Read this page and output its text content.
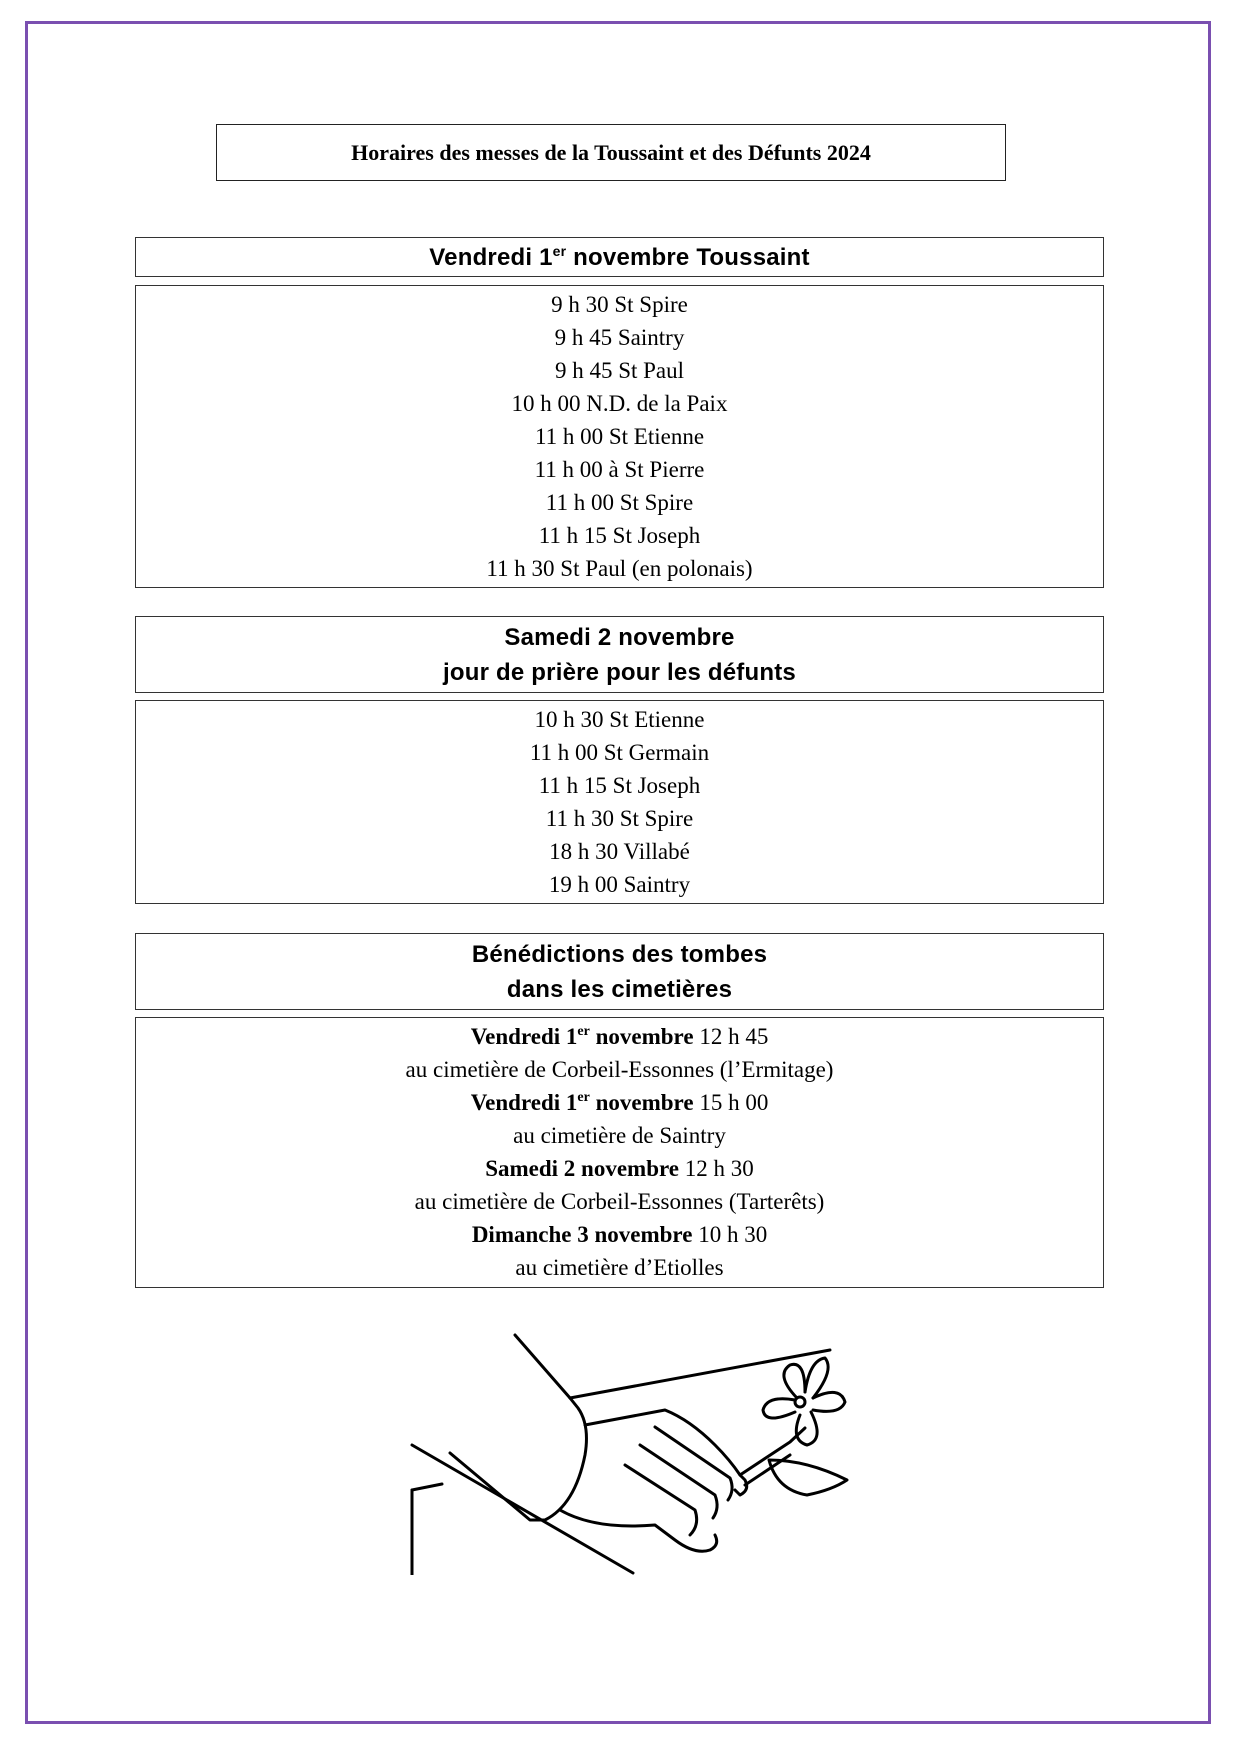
Horaires des messes de la Toussaint et des Défunts 2024
Vendredi 1er novembre Toussaint
9 h 30 St Spire
9 h 45 Saintry
9 h 45 St Paul
10 h 00 N.D. de la Paix
11 h 00 St Etienne
11 h 00 à St Pierre
11 h 00 St Spire
11 h 15 St Joseph
11 h 30 St Paul (en polonais)
Samedi 2 novembre
jour de prière pour les défunts
10 h 30 St Etienne
11 h 00 St Germain
11 h 15 St Joseph
11 h 30 St Spire
18 h 30 Villabé
19 h 00 Saintry
Bénédictions des tombes
dans les cimetières
Vendredi 1er novembre 12 h 45
au cimetière de Corbeil-Essonnes (l’Ermitage)
Vendredi 1er novembre 15 h 00
au cimetière de Saintry
Samedi 2 novembre 12 h 30
au cimetière de Corbeil-Essonnes (Tarterêts)
Dimanche 3 novembre 10 h 30
au cimetière d’Etiolles
